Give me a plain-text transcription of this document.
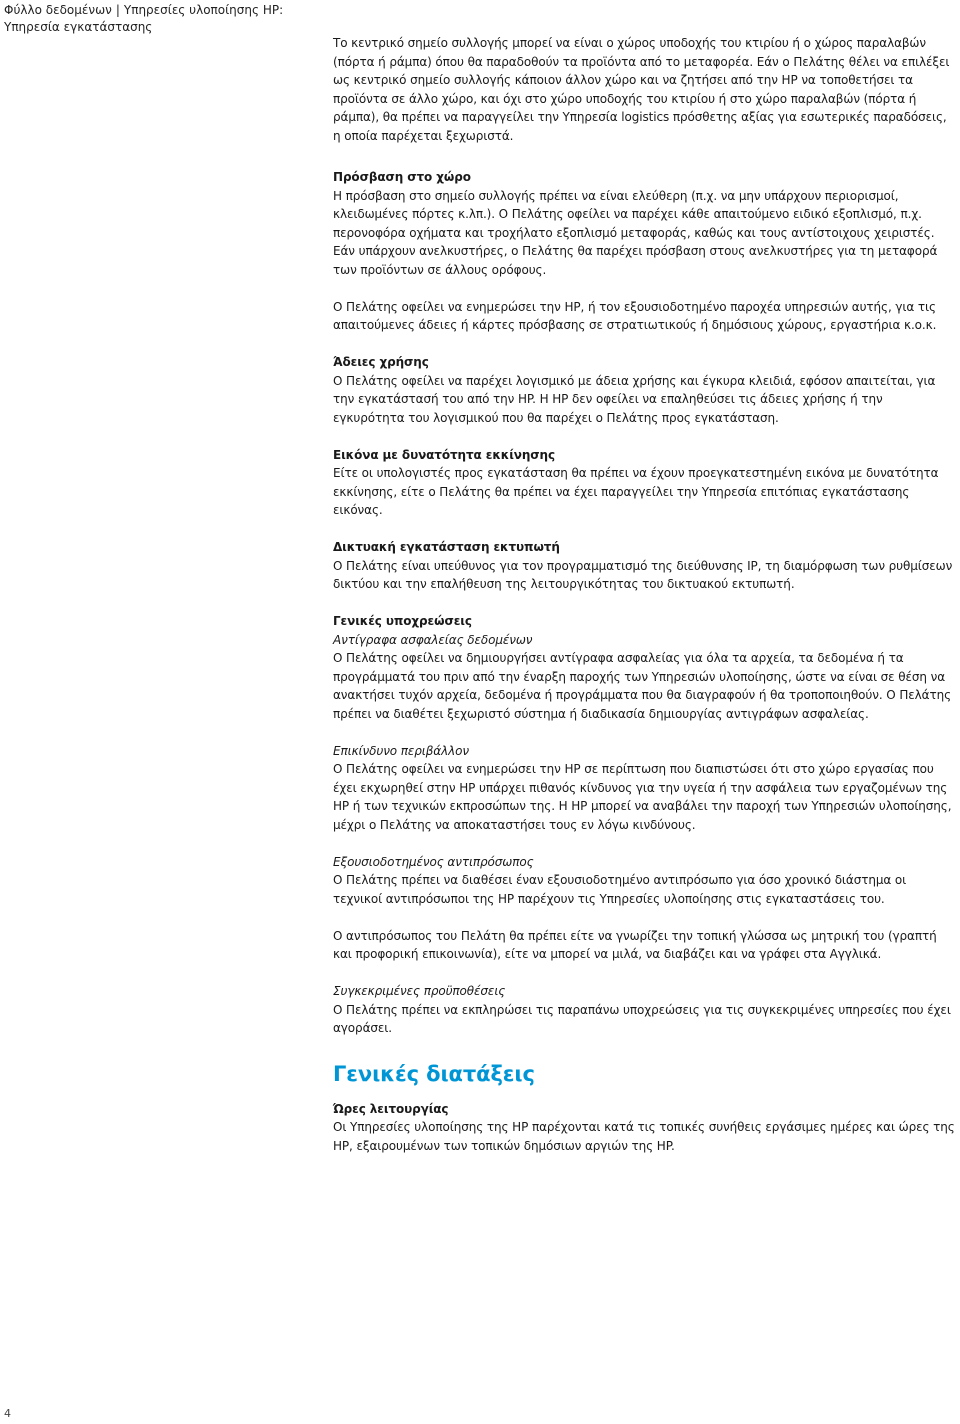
Φύλλο δεδομένων | Υπηρεσίες υλοποίησης HP:
Υπηρεσία εγκατάστασης

Το κεντρικό σημείο συλλογής μπορεί να είναι ο χώρος υποδοχής του κτιρίου ή ο χώρος παραλαβών (πόρτα ή ράμπα) όπου θα παραδοθούν τα προϊόντα από το μεταφορέα. Εάν ο Πελάτης θέλει να επιλέξει ως κεντρικό σημείο συλλογής κάποιον άλλον χώρο και να ζητήσει από την HP να τοποθετήσει τα προϊόντα σε άλλο χώρο, και όχι στο χώρο υποδοχής του κτιρίου ή στο χώρο παραλαβών (πόρτα ή ράμπα), θα πρέπει να παραγγείλει την Υπηρεσία logistics πρόσθετης αξίας για εσωτερικές παραδόσεις, η οποία παρέχεται ξεχωριστά.

Πρόσβαση στο χώρο

Η πρόσβαση στο σημείο συλλογής πρέπει να είναι ελεύθερη (π.χ. να μην υπάρχουν περιορισμοί, κλειδωμένες πόρτες κ.λπ.). Ο Πελάτης οφείλει να παρέχει κάθε απαιτούμενο ειδικό εξοπλισμό, π.χ. περονοφόρα οχήματα και τροχήλατο εξοπλισμό μεταφοράς, καθώς και τους αντίστοιχους χειριστές. Εάν υπάρχουν ανελκυστήρες, ο Πελάτης θα παρέχει πρόσβαση στους ανελκυστήρες για τη μεταφορά των προϊόντων σε άλλους ορόφους.

Ο Πελάτης οφείλει να ενημερώσει την HP, ή τον εξουσιοδοτημένο παροχέα υπηρεσιών αυτής, για τις απαιτούμενες άδειες ή κάρτες πρόσβασης σε στρατιωτικούς ή δημόσιους χώρους, εργαστήρια κ.ο.κ.

Άδειες χρήσης

Ο Πελάτης οφείλει να παρέχει λογισμικό με άδεια χρήσης και έγκυρα κλειδιά, εφόσον απαιτείται, για την εγκατάστασή του από την HP. Η HP δεν οφείλει να επαληθεύσει τις άδειες χρήσης ή την εγκυρότητα του λογισμικού που θα παρέχει ο Πελάτης προς εγκατάσταση.

Εικόνα με δυνατότητα εκκίνησης

Είτε οι υπολογιστές προς εγκατάσταση θα πρέπει να έχουν προεγκατεστημένη εικόνα με δυνατότητα εκκίνησης, είτε ο Πελάτης θα πρέπει να έχει παραγγείλει την Υπηρεσία επιτόπιας εγκατάστασης εικόνας.

Δικτυακή εγκατάσταση εκτυπωτή

Ο Πελάτης είναι υπεύθυνος για τον προγραμματισμό της διεύθυνσης IP, τη διαμόρφωση των ρυθμίσεων δικτύου και την επαλήθευση της λειτουργικότητας του δικτυακού εκτυπωτή.

Γενικές υποχρεώσεις

Αντίγραφα ασφαλείας δεδομένων

Ο Πελάτης οφείλει να δημιουργήσει αντίγραφα ασφαλείας για όλα τα αρχεία, τα δεδομένα ή τα προγράμματά του πριν από την έναρξη παροχής των Υπηρεσιών υλοποίησης, ώστε να είναι σε θέση να ανακτήσει τυχόν αρχεία, δεδομένα ή προγράμματα που θα διαγραφούν ή θα τροποποιηθούν. Ο Πελάτης πρέπει να διαθέτει ξεχωριστό σύστημα ή διαδικασία δημιουργίας αντιγράφων ασφαλείας.

Επικίνδυνο περιβάλλον

Ο Πελάτης οφείλει να ενημερώσει την HP σε περίπτωση που διαπιστώσει ότι στο χώρο εργασίας που έχει εκχωρηθεί στην HP υπάρχει πιθανός κίνδυνος για την υγεία ή την ασφάλεια των εργαζομένων της HP ή των τεχνικών εκπροσώπων της. Η HP μπορεί να αναβάλει την παροχή των Υπηρεσιών υλοποίησης, μέχρι ο Πελάτης να αποκαταστήσει τους εν λόγω κινδύνους.

Εξουσιοδοτημένος αντιπρόσωπος

Ο Πελάτης πρέπει να διαθέσει έναν εξουσιοδοτημένο αντιπρόσωπο για όσο χρονικό διάστημα οι τεχνικοί αντιπρόσωποι της HP παρέχουν τις Υπηρεσίες υλοποίησης στις εγκαταστάσεις του.

Ο αντιπρόσωπος του Πελάτη θα πρέπει είτε να γνωρίζει την τοπική γλώσσα ως μητρική του (γραπτή και προφορική επικοινωνία), είτε να μπορεί να μιλά, να διαβάζει και να γράφει στα Αγγλικά.

Συγκεκριμένες προϋποθέσεις

Ο Πελάτης πρέπει να εκπληρώσει τις παραπάνω υποχρεώσεις για τις συγκεκριμένες υπηρεσίες που έχει αγοράσει.

Γενικές διατάξεις

Ώρες λειτουργίας

Οι Υπηρεσίες υλοποίησης της HP παρέχονται κατά τις τοπικές συνήθεις εργάσιμες ημέρες και ώρες της HP, εξαιρουμένων των τοπικών δημόσιων αργιών της HP.

4
